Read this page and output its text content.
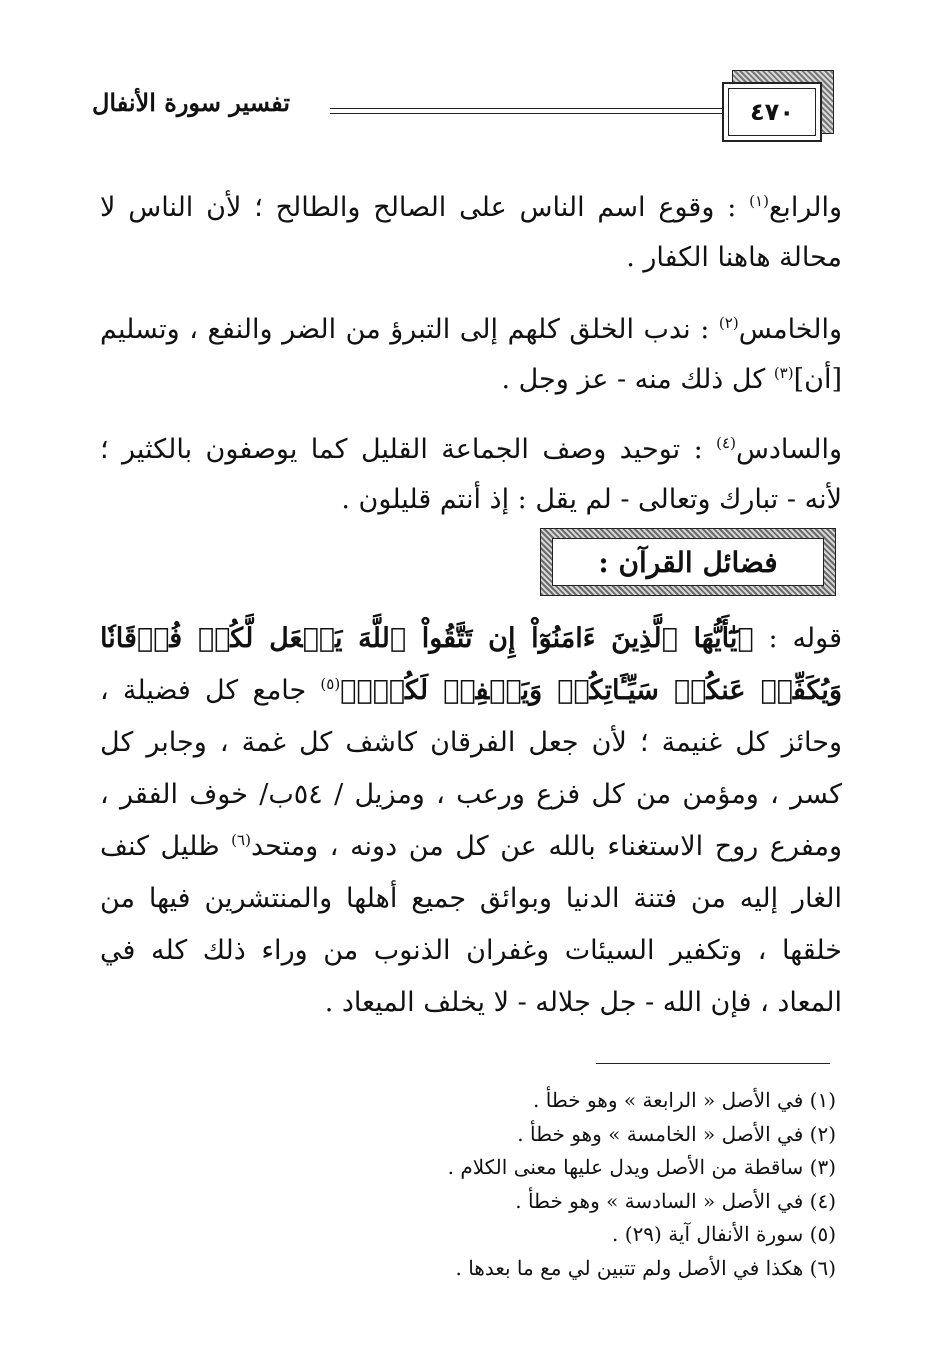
تفسير سورة الأنفال	٤٧٠
والرابع$^{(١)}$ : وقوع اسم الناس على الصالح والطالح ؛ لأن الناس لا محالة هاهنا الكفار .
والخامس$^{(٢)}$ : ندب الخلق كلهم إلى التبرؤ من الضر والنفع ، وتسليم [أن]$^{(٣)}$ كل ذلك منه - عز وجل .
والسادس$^{(٤)}$ : توحيد وصف الجماعة القليل كما يوصفون بالكثير ؛ لأنه - تبارك وتعالى - لم يقل : إذ أنتم قليلون .
فضائل القرآن :
قوله : ﴿يَٰٓأَيُّهَا ٱلَّذِينَ ءَامَنُوٓاْ إِن تَتَّقُواْ ٱللَّهَ يَجۡعَل لَّكُمۡ فُرۡقَانٗا وَيُكَفِّرۡ عَنكُمۡ سَيِّـَٔاتِكُمۡ وَيَغۡفِرۡ لَكُمۡۗ﴾$^{(٥)}$ جامع كل فضيلة ، وحائز كل غنيمة ؛ لأن جعل الفرقان كاشف كل غمة ، وجابر كل كسر ، ومؤمن من كل فزع ورعب ، ومزيل / ٥٤ب/ خوف الفقر ، ومفرع روح الاستغناء بالله عن كل من دونه ، ومتحد$^{(٦)}$ ظليل كنف الغار إليه من فتنة الدنيا وبوائق جميع أهلها والمنتشرين فيها من خلقها ، وتكفير السيئات وغفران الذنوب من وراء ذلك كله في المعاد ، فإن الله - جل جلاله - لا يخلف الميعاد .
(١) في الأصل « الرابعة » وهو خطأ .
(٢) في الأصل « الخامسة » وهو خطأ .
(٣) ساقطة من الأصل ويدل عليها معنى الكلام .
(٤) في الأصل « السادسة » وهو خطأ .
(٥) سورة الأنفال آية (٢٩) .
(٦) هكذا في الأصل ولم تتبين لي مع ما بعدها .
